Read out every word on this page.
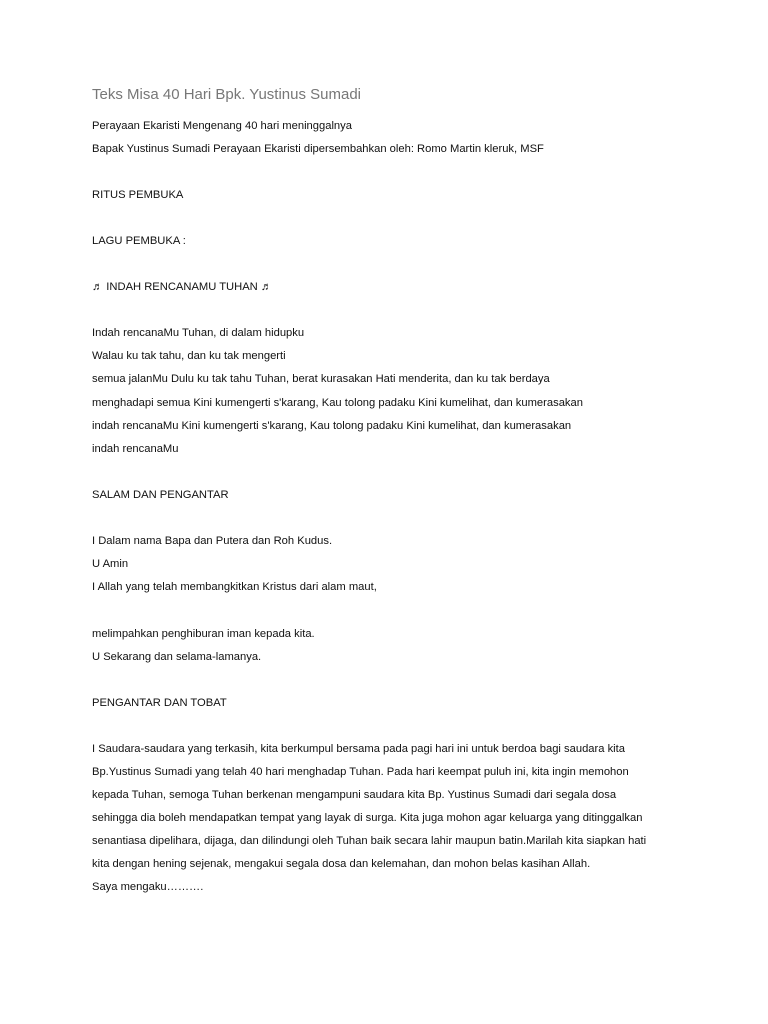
Teks Misa 40 Hari Bpk. Yustinus Sumadi
Perayaan Ekaristi Mengenang 40 hari meninggalnya
Bapak Yustinus Sumadi Perayaan Ekaristi dipersembahkan oleh: Romo Martin kleruk, MSF
RITUS PEMBUKA
LAGU PEMBUKA :
♬ INDAH RENCANAMU TUHAN ♬
Indah rencanaMu Tuhan, di dalam hidupku
Walau ku tak tahu, dan ku tak mengerti
semua jalanMu Dulu ku tak tahu Tuhan, berat kurasakan Hati menderita, dan ku tak berdaya
menghadapi semua Kini kumengerti s'karang, Kau tolong padaku Kini kumelihat, dan kumerasakan
indah rencanaMu Kini kumengerti s'karang, Kau tolong padaku Kini kumelihat, dan kumerasakan
indah rencanaMu
SALAM DAN PENGANTAR
I Dalam nama Bapa dan Putera dan Roh Kudus.
U Amin
I Allah yang telah membangkitkan Kristus dari alam maut,
melimpahkan penghiburan iman kepada kita.
U Sekarang dan selama-lamanya.
PENGANTAR DAN TOBAT
I Saudara-saudara yang terkasih, kita berkumpul bersama pada pagi hari ini untuk berdoa bagi saudara kita
Bp.Yustinus Sumadi yang telah 40 hari menghadap Tuhan. Pada hari keempat puluh ini, kita ingin memohon
kepada Tuhan, semoga Tuhan berkenan mengampuni saudara kita Bp. Yustinus Sumadi dari segala dosa
sehingga dia boleh mendapatkan tempat yang layak di surga. Kita juga mohon agar keluarga yang ditinggalkan
senantiasa dipelihara, dijaga, dan dilindungi oleh Tuhan baik secara lahir maupun batin.Marilah kita siapkan hati
kita dengan hening sejenak, mengakui segala dosa dan kelemahan, dan mohon belas kasihan Allah.
Saya mengaku……….
